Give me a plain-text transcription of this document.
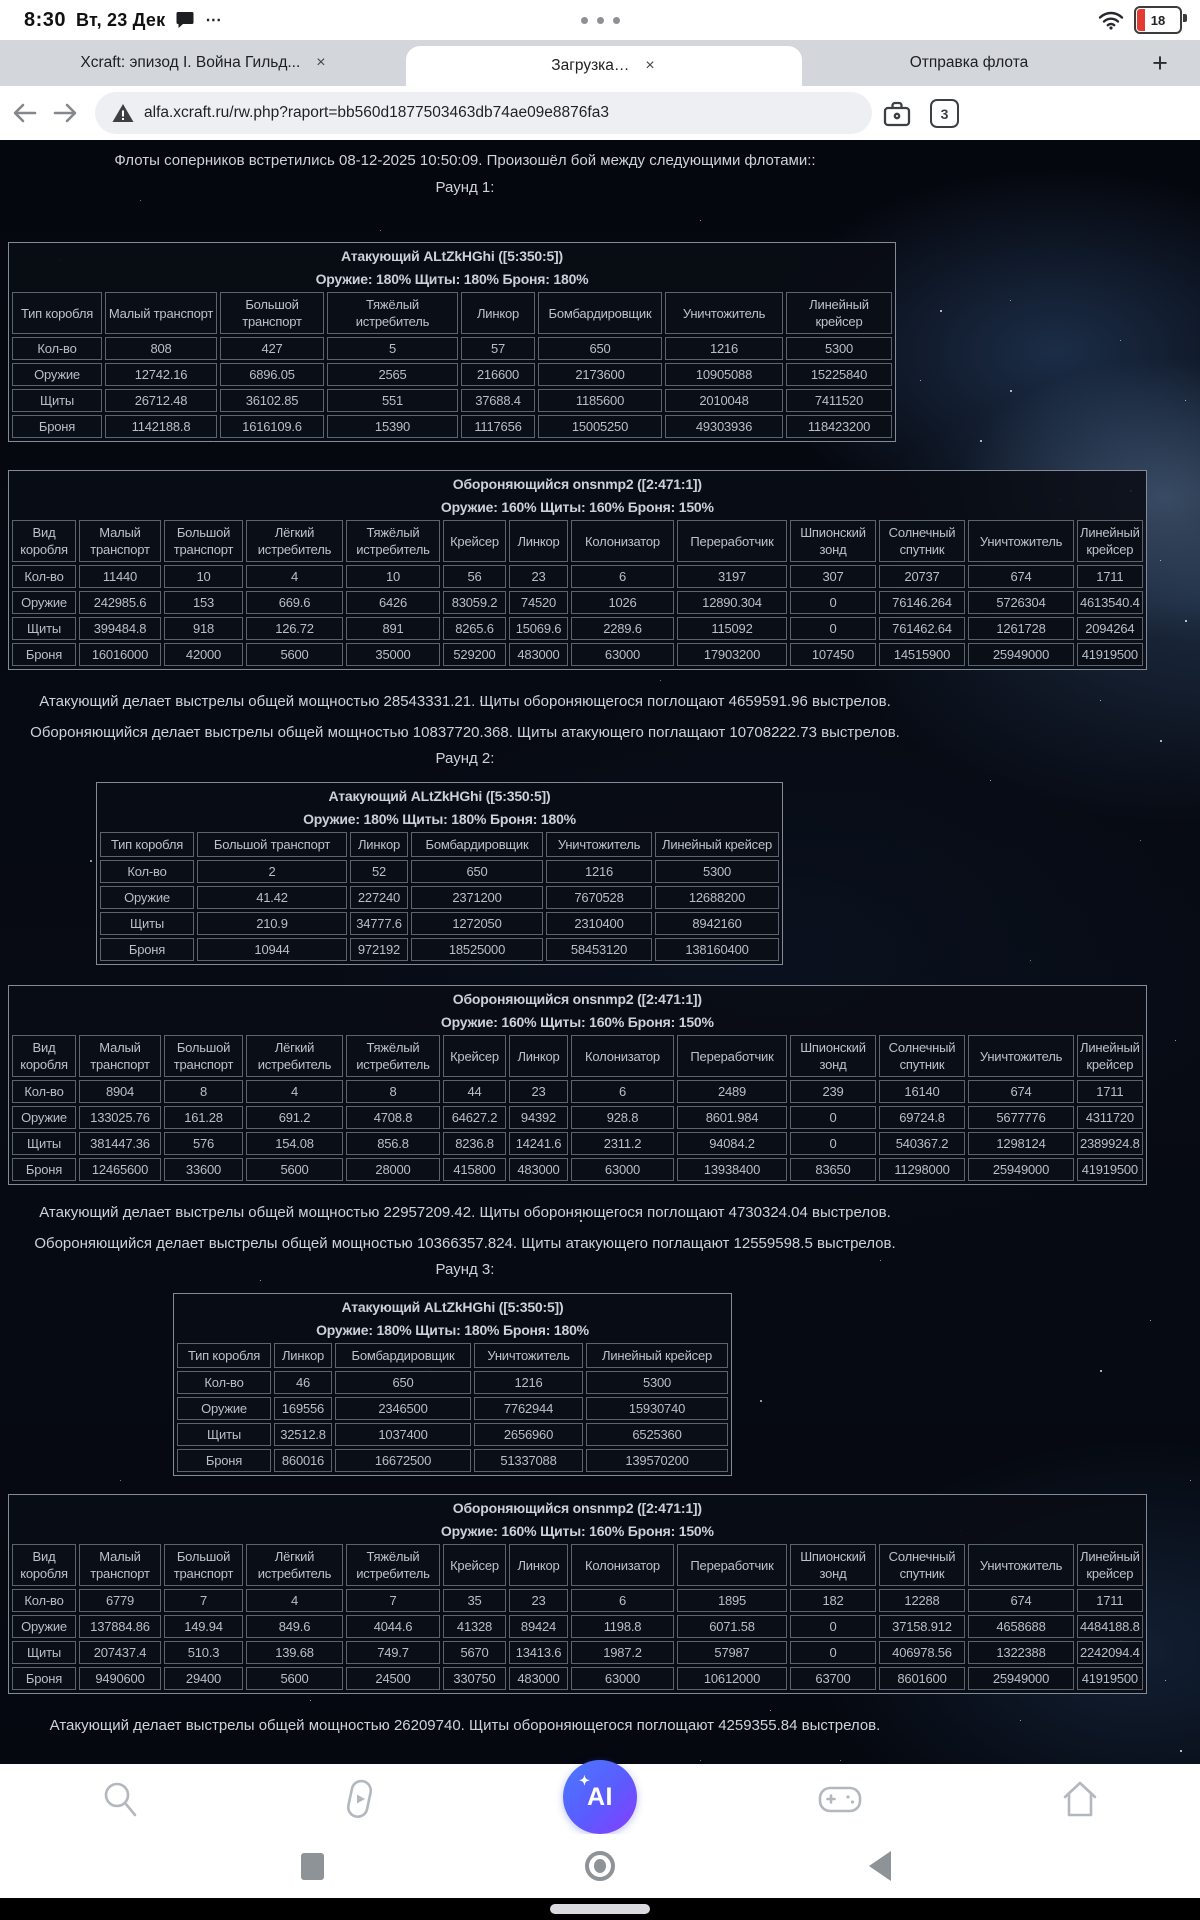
8:30 Вт, 23 Дек	⋯	18
Xcraft: эпизод I. Война Гильд... ×	Загрузка… ×	Отправка флота	+
alfa.xcraft.ru/rw.php?raport=bb560d1877503463db74ae09e8876fa3	3

Флоты соперников встретились 08-12-2025 10:50:09. Произошёл бой между следующими флотами::

Раунд 1:

Атакующий ALtZkHGhi ([5:350:5])							
Оружие: 180% Щиты: 180% Броня: 180%							
Тип коробля	Малый транспорт	Большой транспорт	Тяжёлый истребитель	Линкор	Бомбардировщик	Уничтожитель	Линейный крейсер
Кол-во	808	427	5	57	650	1216	5300
Оружие	12742.16	6896.05	2565	216600	2173600	10905088	15225840
Щиты	26712.48	36102.85	551	37688.4	1185600	2010048	7411520
Броня	1142188.8	1616109.6	15390	1117656	15005250	49303936	118423200
Обороняющийся onsnmp2 ([2:471:1])												
Оружие: 160% Щиты: 160% Броня: 150%												
Вид коробля	Малый транспорт	Большой транспорт	Лёгкий истребитель	Тяжёлый истребитель	Крейсер	Линкор	Колонизатор	Переработчик	Шпионский зонд	Солнечный спутник	Уничтожитель	Линейный крейсер
Кол-во	11440	10	4	10	56	23	6	3197	307	20737	674	1711
Оружие	242985.6	153	669.6	6426	83059.2	74520	1026	12890.304	0	76146.264	5726304	4613540.4
Щиты	399484.8	918	126.72	891	8265.6	15069.6	2289.6	115092	0	761462.64	1261728	2094264
Броня	16016000	42000	5600	35000	529200	483000	63000	17903200	107450	14515900	25949000	41919500

Атакующий делает выстрелы общей мощностью 28543331.21. Щиты обороняющегося поглощают 4659591.96 выстрелов.
Обороняющийся делает выстрелы общей мощностью 10837720.368. Щиты атакующего поглащают 10708222.73 выстрелов.

Раунд 2:

Атакующий ALtZkHGhi ([5:350:5])					
Оружие: 180% Щиты: 180% Броня: 180%					
Тип коробля	Большой транспорт	Линкор	Бомбардировщик	Уничтожитель	Линейный крейсер
Кол-во	2	52	650	1216	5300
Оружие	41.42	227240	2371200	7670528	12688200
Щиты	210.9	34777.6	1272050	2310400	8942160
Броня	10944	972192	18525000	58453120	138160400
Обороняющийся onsnmp2 ([2:471:1])												
Оружие: 160% Щиты: 160% Броня: 150%												
Вид коробля	Малый транспорт	Большой транспорт	Лёгкий истребитель	Тяжёлый истребитель	Крейсер	Линкор	Колонизатор	Переработчик	Шпионский зонд	Солнечный спутник	Уничтожитель	Линейный крейсер
Кол-во	8904	8	4	8	44	23	6	2489	239	16140	674	1711
Оружие	133025.76	161.28	691.2	4708.8	64627.2	94392	928.8	8601.984	0	69724.8	5677776	4311720
Щиты	381447.36	576	154.08	856.8	8236.8	14241.6	2311.2	94084.2	0	540367.2	1298124	2389924.8
Броня	12465600	33600	5600	28000	415800	483000	63000	13938400	83650	11298000	25949000	41919500

Атакующий делает выстрелы общей мощностью 22957209.42. Щиты обороняющегося поглощают 4730324.04 выстрелов.
Обороняющийся делает выстрелы общей мощностью 10366357.824. Щиты атакующего поглащают 12559598.5 выстрелов.

Раунд 3:

Атакующий ALtZkHGhi ([5:350:5])				
Оружие: 180% Щиты: 180% Броня: 180%				
Тип коробля	Линкор	Бомбардировщик	Уничтожитель	Линейный крейсер
Кол-во	46	650	1216	5300
Оружие	169556	2346500	7762944	15930740
Щиты	32512.8	1037400	2656960	6525360
Броня	860016	16672500	51337088	139570200
Обороняющийся onsnmp2 ([2:471:1])												
Оружие: 160% Щиты: 160% Броня: 150%												
Вид коробля	Малый транспорт	Большой транспорт	Лёгкий истребитель	Тяжёлый истребитель	Крейсер	Линкор	Колонизатор	Переработчик	Шпионский зонд	Солнечный спутник	Уничтожитель	Линейный крейсер
Кол-во	6779	7	4	7	35	23	6	1895	182	12288	674	1711
Оружие	137884.86	149.94	849.6	4044.6	41328	89424	1198.8	6071.58	0	37158.912	4658688	4484188.8
Щиты	207437.4	510.3	139.68	749.7	5670	13413.6	1987.2	57987	0	406978.56	1322388	2242094.4
Броня	9490600	29400	5600	24500	330750	483000	63000	10612000	63700	8601600	25949000	41919500

Атакующий делает выстрелы общей мощностью 26209740. Щиты обороняющегося поглощают 4259355.84 выстрелов.

✦
AI
